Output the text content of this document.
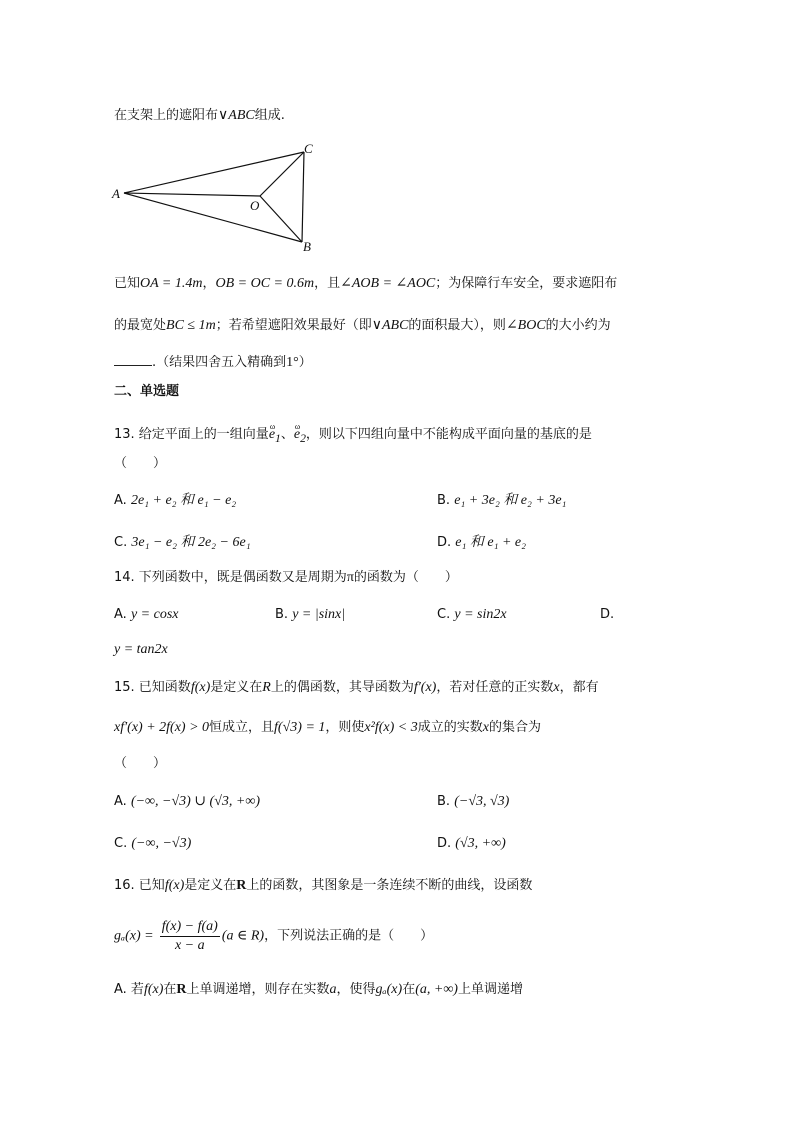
在支架上的遮阳布∨ABC组成.
A
C
O
B
已知OA = 1.4m，OB = OC = 0.6m，且∠AOB = ∠AOC；为保障行车安全，要求遮阳布
的最宽处BC ≤ 1m；若希望遮阳效果最好（即∨ABC的面积最大），则∠BOC的大小约为
.（结果四舍五入精确到1°）
二、单选题
13. 给定平面上的一组向量ω $e_1$、ω $e_2$，则以下四组向量中不能构成平面向量的基底的是
（　　）
A. 2e₁ + e₂ 和 e₁ − e₂	B. e₁ + 3e₂ 和 e₂ + 3e₁
C. 3e₁ − e₂ 和 2e₂ − 6e₁	D. e₁ 和 e₁ + e₂
14. 下列函数中，既是偶函数又是周期为π的函数为（　　）
A. y = cosx	B. y = |sinx|	C. y = sin2x	D.
y = tan2x
15. 已知函数f(x)是定义在R上的偶函数，其导函数为f′(x)，若对任意的正实数x，都有
xf′(x) + 2f(x) > 0恒成立，且f(√3) = 1，则使x²f(x) < 3成立的实数x的集合为
（　　）
A. (−∞, −√3) ∪ (√3, +∞)	B. (−√3, √3)
C. (−∞, −√3)	D. (√3, +∞)
16. 已知f(x)是定义在R上的函数，其图象是一条连续不断的曲线，设函数
$g_a(x) = \frac{f(x) - f(a)}{x - a} (a$ ∈ R)，下列说法正确的是（　　）
A. 若f(x)在R上单调递增，则存在实数a，使得gₐ(x)在(a, +∞)上单调递增
